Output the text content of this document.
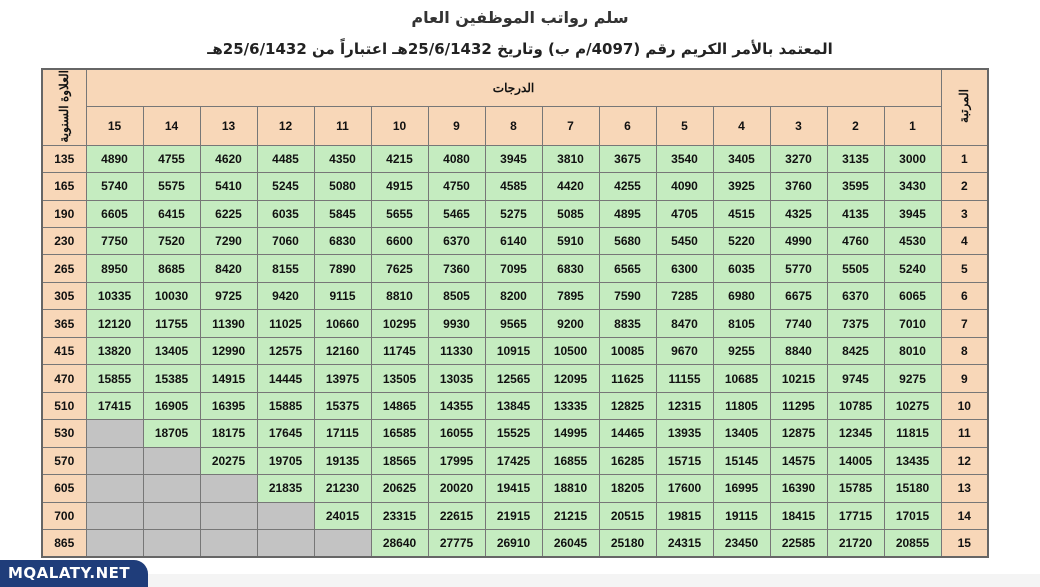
سلم رواتب الموظفين العام
المعتمد بالأمر الكريم رقم (4097/م ب) وتاريخ 25/6/1432هـ اعتباراً من 25/6/1432هـ
العلاوة السنوية	الدرجات															المرتبة
	15	14	13	12	11	10	9	8	7	6	5	4	3	2	1	
135	4890	4755	4620	4485	4350	4215	4080	3945	3810	3675	3540	3405	3270	3135	3000	1
165	5740	5575	5410	5245	5080	4915	4750	4585	4420	4255	4090	3925	3760	3595	3430	2
190	6605	6415	6225	6035	5845	5655	5465	5275	5085	4895	4705	4515	4325	4135	3945	3
230	7750	7520	7290	7060	6830	6600	6370	6140	5910	5680	5450	5220	4990	4760	4530	4
265	8950	8685	8420	8155	7890	7625	7360	7095	6830	6565	6300	6035	5770	5505	5240	5
305	10335	10030	9725	9420	9115	8810	8505	8200	7895	7590	7285	6980	6675	6370	6065	6
365	12120	11755	11390	11025	10660	10295	9930	9565	9200	8835	8470	8105	7740	7375	7010	7
415	13820	13405	12990	12575	12160	11745	11330	10915	10500	10085	9670	9255	8840	8425	8010	8
470	15855	15385	14915	14445	13975	13505	13035	12565	12095	11625	11155	10685	10215	9745	9275	9
510	17415	16905	16395	15885	15375	14865	14355	13845	13335	12825	12315	11805	11295	10785	10275	10
530		18705	18175	17645	17115	16585	16055	15525	14995	14465	13935	13405	12875	12345	11815	11
570			20275	19705	19135	18565	17995	17425	16855	16285	15715	15145	14575	14005	13435	12
605				21835	21230	20625	20020	19415	18810	18205	17600	16995	16390	15785	15180	13
700					24015	23315	22615	21915	21215	20515	19815	19115	18415	17715	17015	14
865						28640	27775	26910	26045	25180	24315	23450	22585	21720	20855	15
MQALATY.NET
